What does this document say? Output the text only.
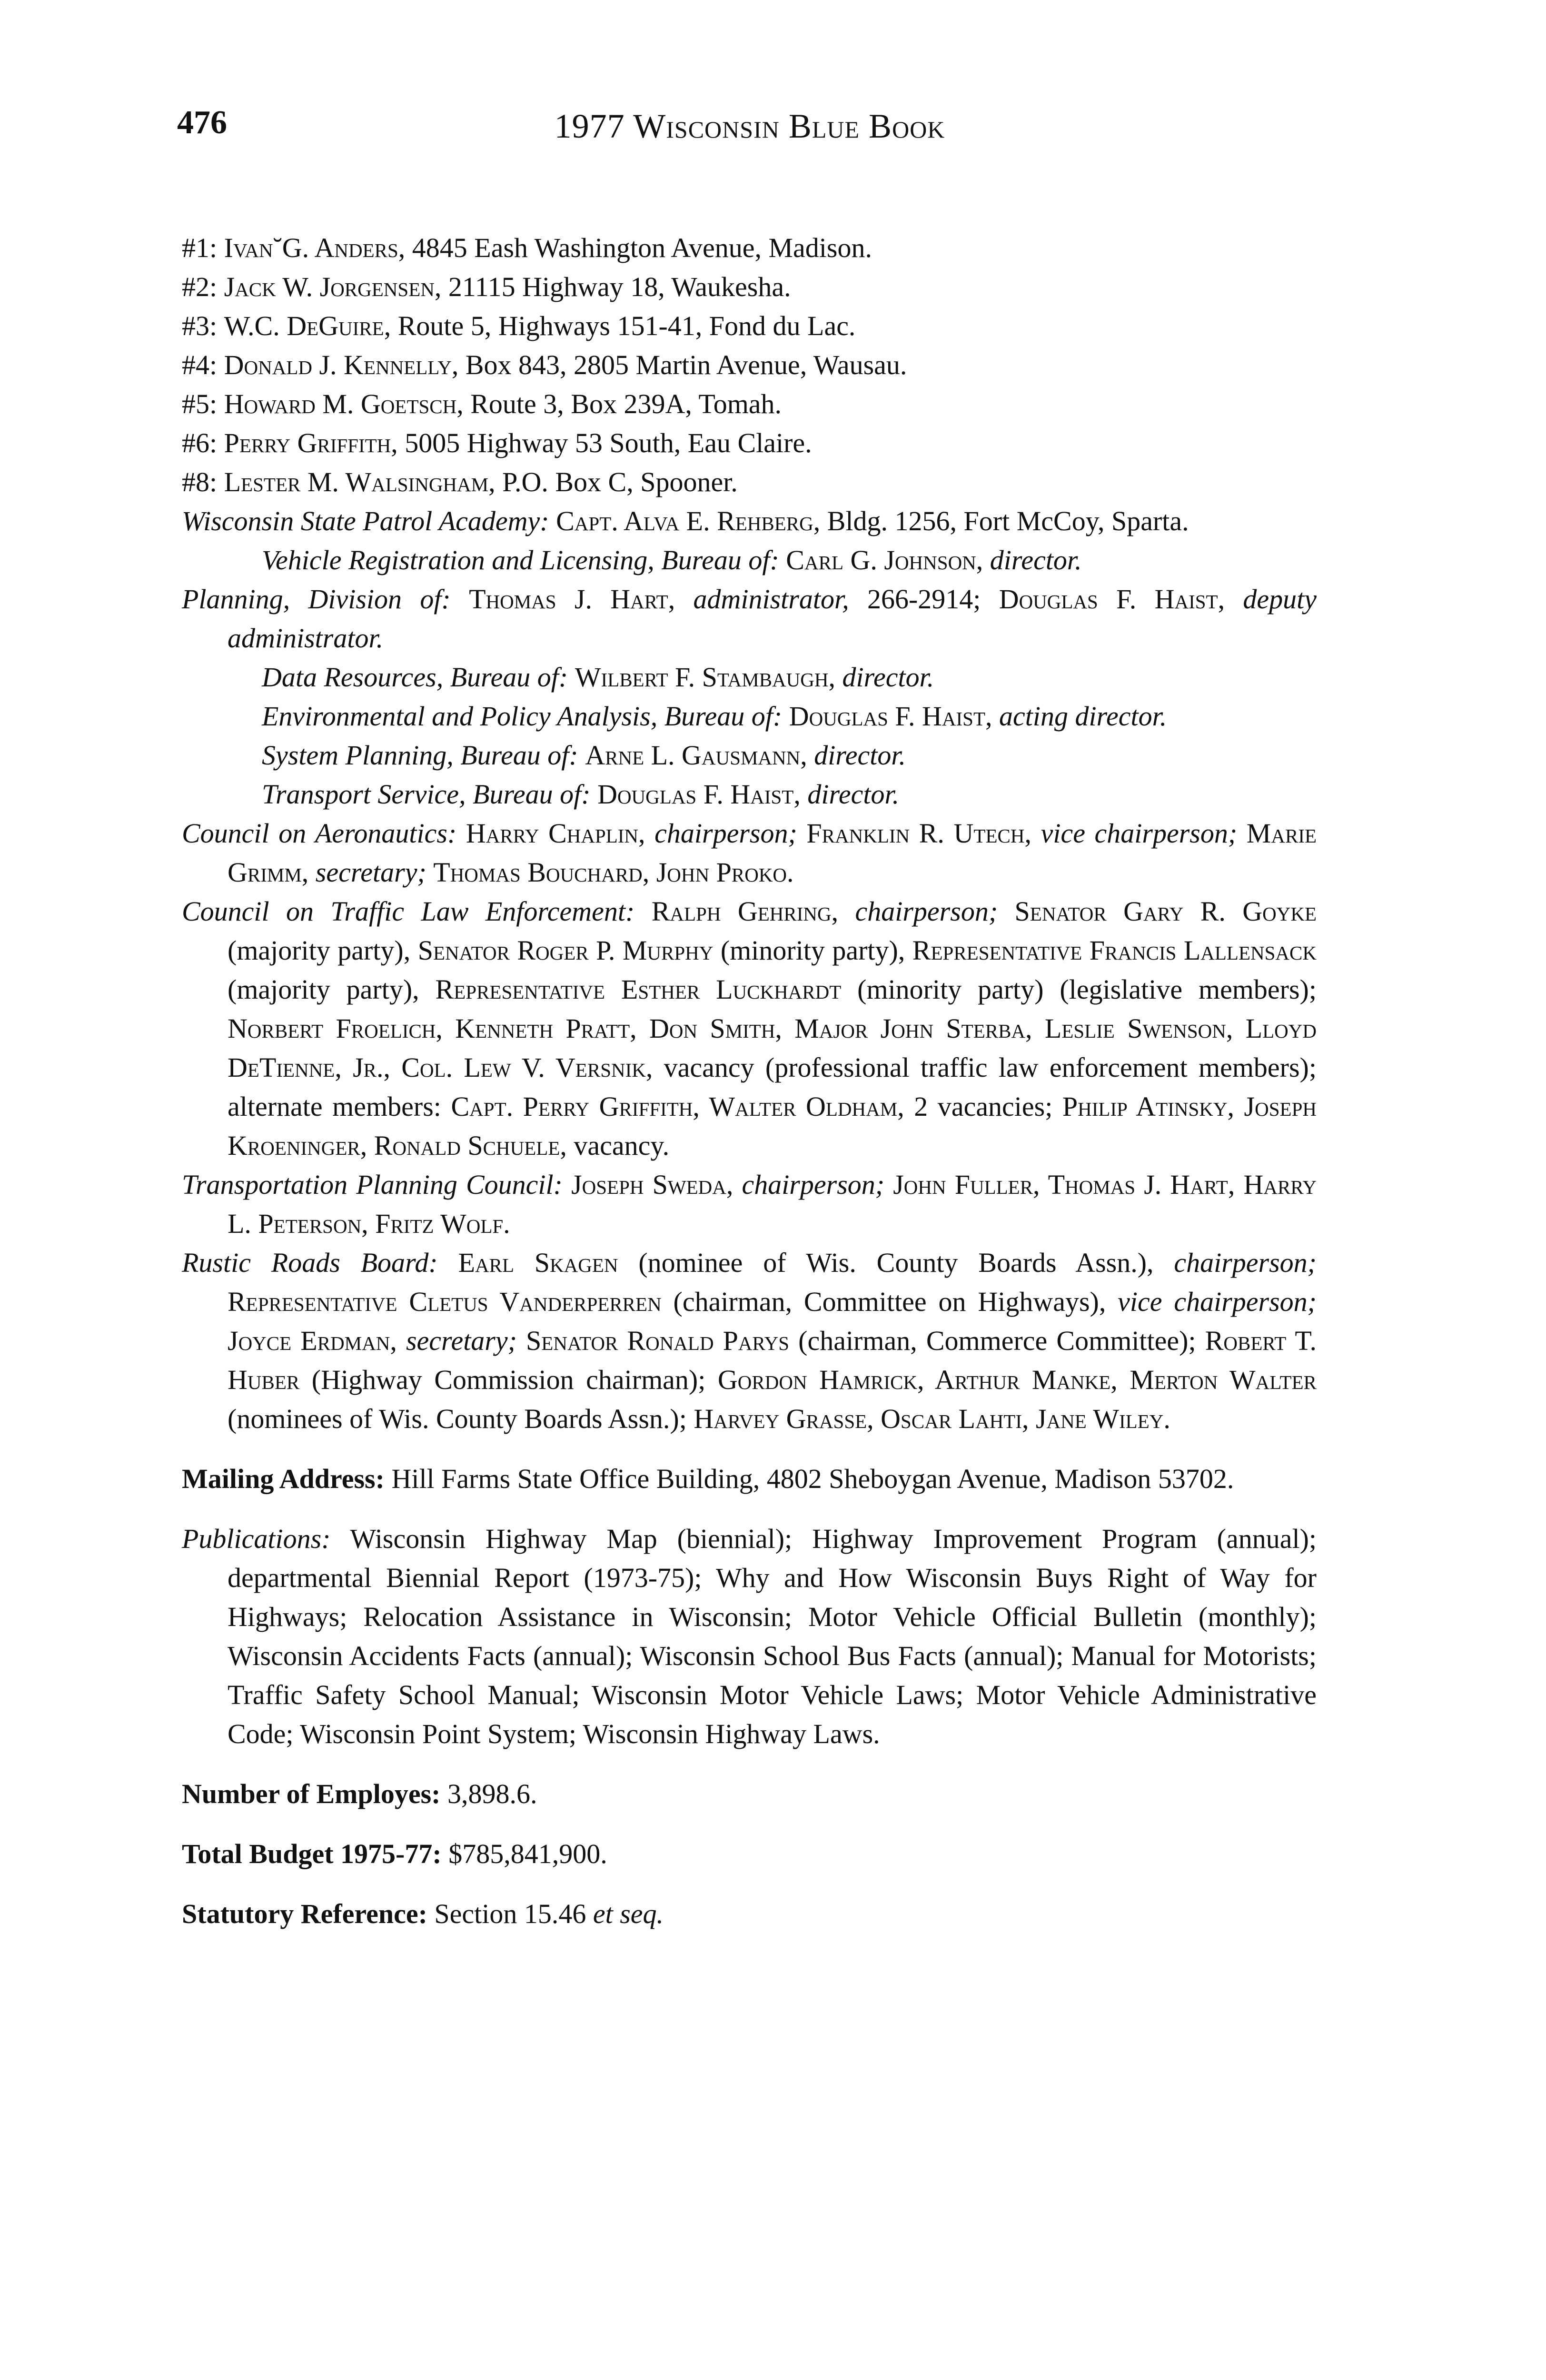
476	1977 Wisconsin Blue Book

#1: Ivan˘G. Anders, 4845 Eash Washington Avenue, Madison.

#2: Jack W. Jorgensen, 21115 Highway 18, Waukesha.

#3: W.C. DeGuire, Route 5, Highways 151-41, Fond du Lac.

#4: Donald J. Kennelly, Box 843, 2805 Martin Avenue, Wausau.

#5: Howard M. Goetsch, Route 3, Box 239A, Tomah.

#6: Perry Griffith, 5005 Highway 53 South, Eau Claire.

#8: Lester M. Walsingham, P.O. Box C, Spooner.

Wisconsin State Patrol Academy: Capt. Alva E. Rehberg, Bldg. 1256, Fort McCoy, Sparta.

Vehicle Registration and Licensing, Bureau of: Carl G. Johnson, director.

Planning, Division of: Thomas J. Hart, administrator, 266-2914; Douglas F. Haist, deputy administrator.

Data Resources, Bureau of: Wilbert F. Stambaugh, director.

Environmental and Policy Analysis, Bureau of: Douglas F. Haist, acting director.

System Planning, Bureau of: Arne L. Gausmann, director.

Transport Service, Bureau of: Douglas F. Haist, director.

Council on Aeronautics: Harry Chaplin, chairperson; Franklin R. Utech, vice chairperson; Marie Grimm, secretary; Thomas Bouchard, John Proko.

Council on Traffic Law Enforcement: Ralph Gehring, chairperson; Senator Gary R. Goyke (majority party), Senator Roger P. Murphy (minority party), Representative Francis Lallensack (majority party), Representative Esther Luckhardt (minority party) (legislative members); Norbert Froelich, Kenneth Pratt, Don Smith, Major John Sterba, Leslie Swenson, Lloyd DeTienne, Jr., Col. Lew V. Versnik, vacancy (professional traffic law enforcement members); alternate members: Capt. Perry Griffith, Walter Oldham, 2 vacancies; Philip Atinsky, Joseph Kroeninger, Ronald Schuele, vacancy.

Transportation Planning Council: Joseph Sweda, chairperson; John Fuller, Thomas J. Hart, Harry L. Peterson, Fritz Wolf.

Rustic Roads Board: Earl Skagen (nominee of Wis. County Boards Assn.), chairperson; Representative Cletus Vanderperren (chairman, Committee on Highways), vice chairperson; Joyce Erdman, secretary; Senator Ronald Parys (chairman, Commerce Committee); Robert T. Huber (Highway Commission chairman); Gordon Hamrick, Arthur Manke, Merton Walter (nominees of Wis. County Boards Assn.); Harvey Grasse, Oscar Lahti, Jane Wiley.

Mailing Address: Hill Farms State Office Building, 4802 Sheboygan Avenue, Madison 53702.

Publications: Wisconsin Highway Map (biennial); Highway Improvement Program (annual); departmental Biennial Report (1973-75); Why and How Wisconsin Buys Right of Way for Highways; Relocation Assistance in Wisconsin; Motor Vehicle Official Bulletin (monthly); Wisconsin Accidents Facts (annual); Wisconsin School Bus Facts (annual); Manual for Motorists; Traffic Safety School Manual; Wisconsin Motor Vehicle Laws; Motor Vehicle Administrative Code; Wisconsin Point System; Wisconsin Highway Laws.

Number of Employes: 3,898.6.

Total Budget 1975-77: $785,841,900.

Statutory Reference: Section 15.46 et seq.
